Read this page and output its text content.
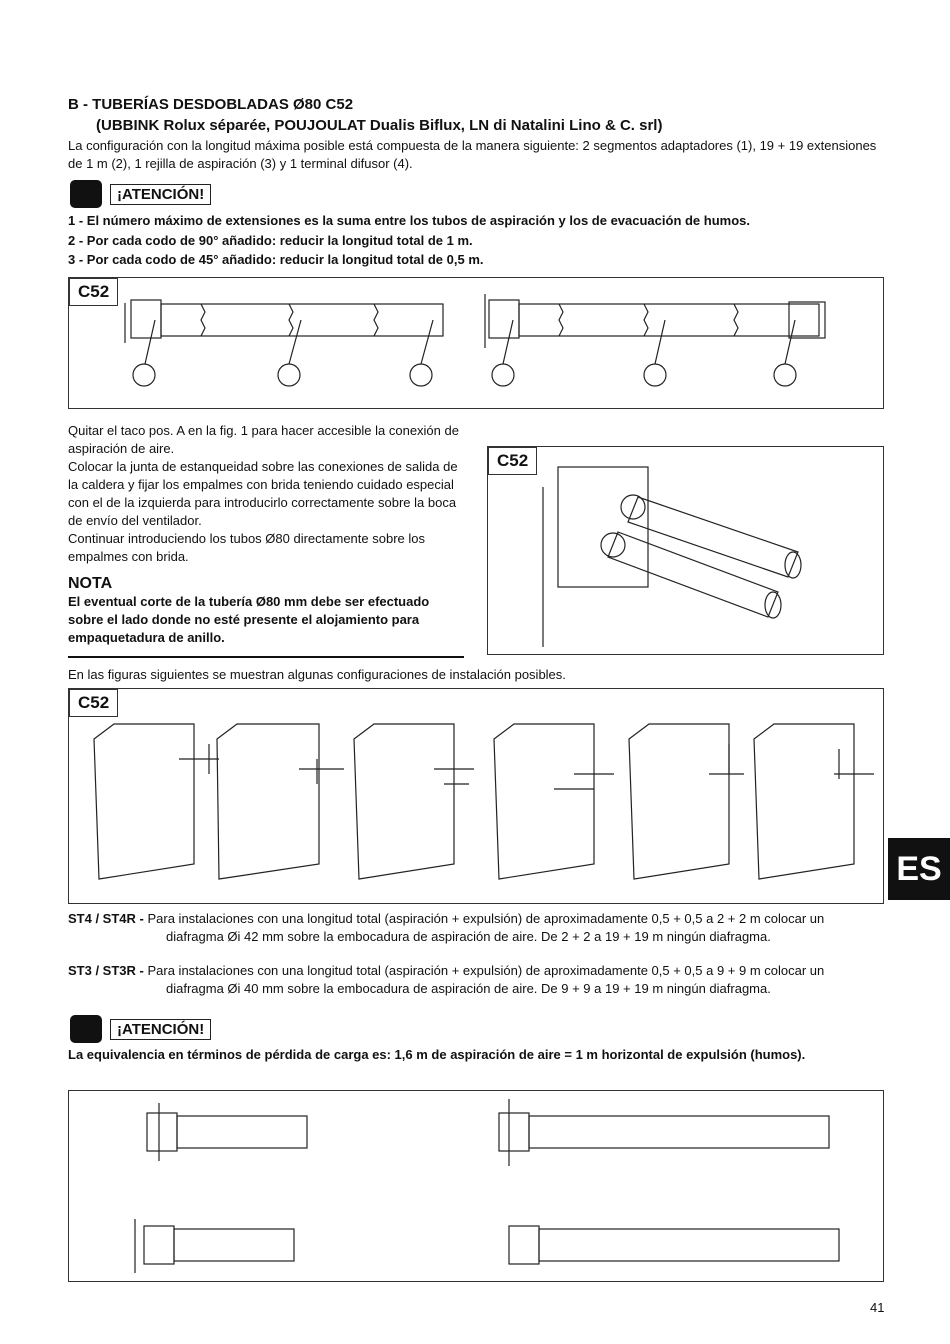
B - TUBERÍAS DESDOBLADAS Ø80 C52
(UBBINK Rolux séparée, POUJOULAT Dualis Biflux, LN di Natalini Lino & C. srl)
La configuración con la longitud máxima posible está compuesta de la manera siguiente: 2 segmentos adaptadores (1), 19 + 19 extensiones de 1 m (2), 1 rejilla de aspiración (3) y 1 terminal difusor (4).
¡ATENCIÓN!
1 - El número máximo de extensiones es la suma entre los tubos de aspiración y los de evacuación de humos.
2 - Por cada codo de 90° añadido: reducir la longitud total de 1 m.
3 - Por cada codo de 45° añadido: reducir la longitud total de 0,5 m.
C52
Quitar el taco pos. A en la fig. 1 para hacer accesible la conexión de aspiración de aire.
Colocar la junta de estanqueidad sobre las conexiones de salida de la caldera y fijar los empalmes con brida teniendo cuidado especial con el de la izquierda para introducirlo correctamente sobre la boca de envío del ventilador.
Continuar introduciendo los tubos Ø80 directamente sobre los empalmes con brida.
NOTA
El eventual corte de la tubería Ø80 mm debe ser efectuado sobre el lado donde no esté presente el alojamiento para empaquetadura de anillo.
C52
En las figuras siguientes se muestran algunas configuraciones de instalación posibles.
C52
ST4 / ST4R - Para instalaciones con una longitud total (aspiración + expulsión) de aproximadamente 0,5 + 0,5 a 2 + 2 m colocar un diafragma Øi 42 mm sobre la embocadura de aspiración de aire. De 2 + 2 a 19 + 19 m ningún diafragma.
ST3 / ST3R - Para instalaciones con una longitud total (aspiración + expulsión) de aproximadamente 0,5 + 0,5 a 9 + 9 m colocar un diafragma Øi 40 mm sobre la embocadura de aspiración de aire. De 9 + 9 a 19 + 19 m ningún diafragma.
¡ATENCIÓN!
La equivalencia en términos de pérdida de carga es: 1,6 m de aspiración de aire = 1 m horizontal de expulsión (humos).
ES
41
